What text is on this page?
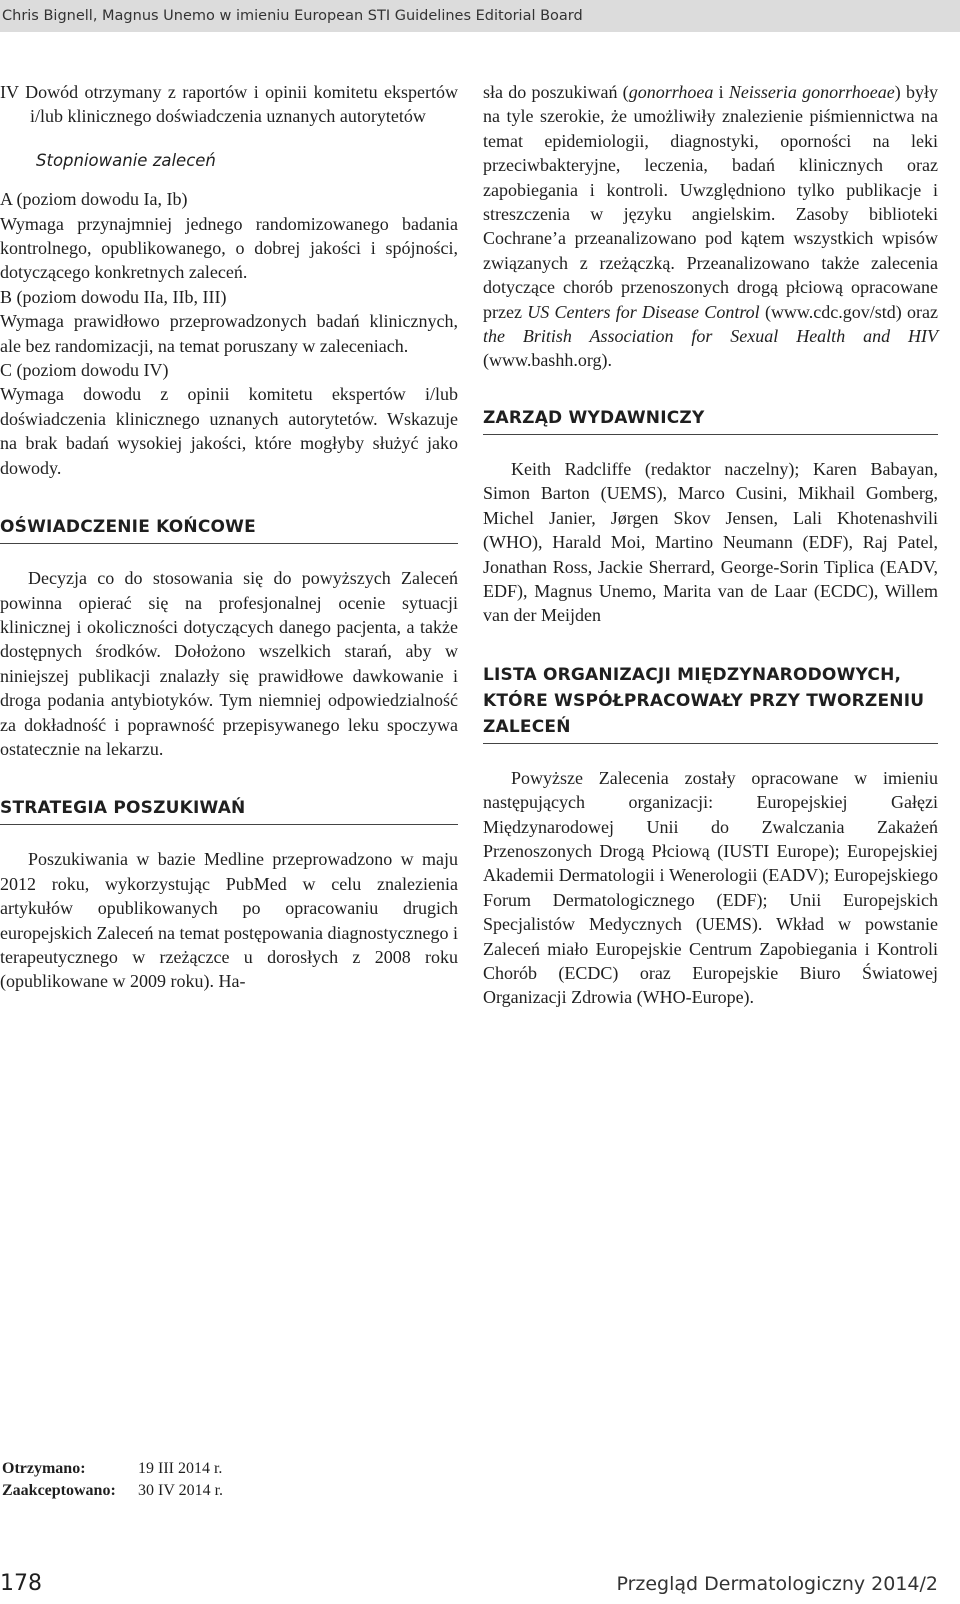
Chris Bignell, Magnus Unemo w imieniu European STI Guidelines Editorial Board

IV Dowód otrzymany z raportów i opinii komitetu ekspertów i/lub klinicznego doświadczenia uznanych autorytetów

Stopniowanie zaleceń

A (poziom dowodu Ia, Ib)
Wymaga przynajmniej jednego randomizowanego badania kontrolnego, opublikowanego, o dobrej jakości i spójności, dotyczącego konkretnych zaleceń.

B (poziom dowodu IIa, IIb, III)
Wymaga prawidłowo przeprowadzonych badań klinicznych, ale bez randomizacji, na temat poruszany w zaleceniach.

C (poziom dowodu IV)
Wymaga dowodu z opinii komitetu ekspertów i/lub doświadczenia klinicznego uznanych autorytetów. Wskazuje na brak badań wysokiej jakości, które mogłyby służyć jako dowody.

OŚWIADCZENIE KOŃCOWE

Decyzja co do stosowania się do powyższych Zaleceń powinna opierać się na profesjonalnej ocenie sytuacji klinicznej i okoliczności dotyczących danego pacjenta, a także dostępnych środków. Dołożono wszelkich starań, aby w niniejszej publikacji znalazły się prawidłowe dawkowanie i droga podania antybiotyków. Tym niemniej odpowiedzialność za dokładność i poprawność przepisywanego leku spoczywa ostatecznie na lekarzu.

STRATEGIA POSZUKIWAŃ

Poszukiwania w bazie Medline przeprowadzono w maju 2012 roku, wykorzystując PubMed w celu znalezienia artykułów opublikowanych po opracowaniu drugich europejskich Zaleceń na temat postępowania diagnostycznego i terapeutycznego w rzeżączce u dorosłych z 2008 roku (opublikowane w 2009 roku). Ha-

sła do poszukiwań (gonorrhoea i Neisseria gonorrhoeae) były na tyle szerokie, że umożliwiły znalezienie piśmiennictwa na temat epidemiologii, diagnostyki, oporności na leki przeciwbakteryjne, leczenia, badań klinicznych oraz zapobiegania i kontroli. Uwzględniono tylko publikacje i streszczenia w języku angielskim. Zasoby biblioteki Cochrane’a przeanalizowano pod kątem wszystkich wpisów związanych z rzeżączką. Przeanalizowano także zalecenia dotyczące chorób przenoszonych drogą płciową opracowane przez US Centers for Disease Control (www.cdc.gov/std) oraz the British Association for Sexual Health and HIV (www.bashh.org).

ZARZĄD WYDAWNICZY

Keith Radcliffe (redaktor naczelny); Karen Babayan, Simon Barton (UEMS), Marco Cusini, Mikhail Gomberg, Michel Janier, Jørgen Skov Jensen, Lali Khotenashvili (WHO), Harald Moi, Martino Neumann (EDF), Raj Patel, Jonathan Ross, Jackie Sherrard, George-Sorin Tiplica (EADV, EDF), Magnus Unemo, Marita van de Laar (ECDC), Willem van der Meijden

LISTA ORGANIZACJI MIĘDZYNARODOWYCH,
KTÓRE WSPÓŁPRACOWAŁY PRZY TWORZENIU
ZALECEŃ

Powyższe Zalecenia zostały opracowane w imieniu następujących organizacji: Europejskiej Gałęzi Międzynarodowej Unii do Zwalczania Zakażeń Przenoszonych Drogą Płciową (IUSTI Europe); Europejskiej Akademii Dermatologii i Wenerologii (EADV); Europejskiego Forum Dermatologicznego (EDF); Unii Europejskich Specjalistów Medycznych (UEMS). Wkład w powstanie Zaleceń miało Europejskie Centrum Zapobiegania i Kontroli Chorób (ECDC) oraz Europejskie Biuro Światowej Organizacji Zdrowia (WHO-Europe).

Otrzymano:	19 III 2014 r.
Zaakceptowano: 30 IV 2014 r.
178	Przegląd Dermatologiczny 2014/2
